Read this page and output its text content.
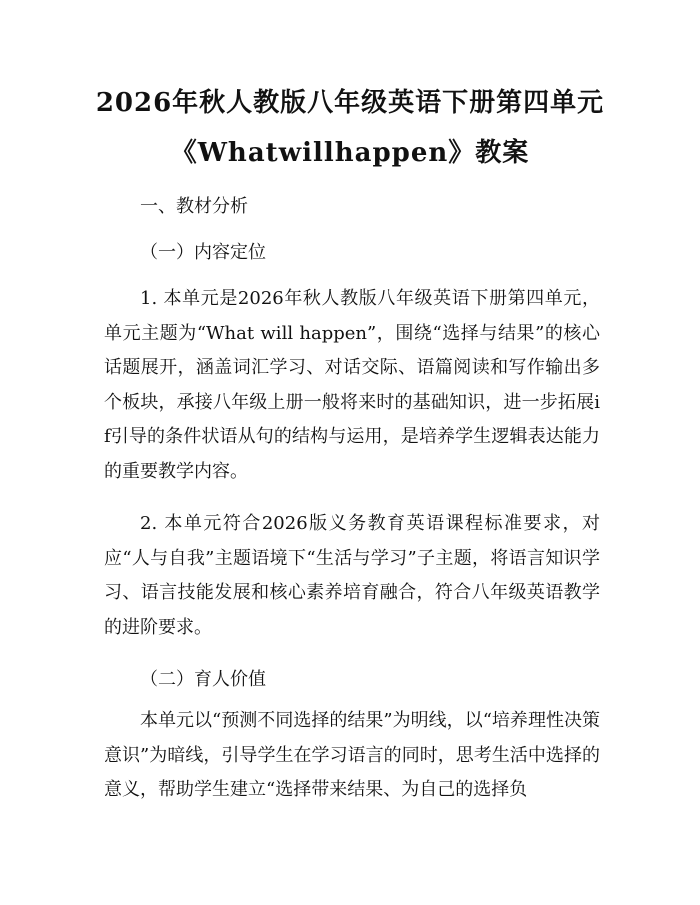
2026年秋人教版八年级英语下册第四单元
《Whatwillhappen》教案
一、教材分析
（一）内容定位

1. 本单元是2026年秋人教版八年级英语下册第四单元，单元主题为“What will happen”，围绕“选择与结果”的核心话题展开，涵盖词汇学习、对话交际、语篇阅读和写作输出多个板块，承接八年级上册一般将来时的基础知识，进一步拓展if引导的条件状语从句的结构与运用，是培养学生逻辑表达能力的重要教学内容。

2. 本单元符合2026版义务教育英语课程标准要求，对应“人与自我”主题语境下“生活与学习”子主题，将语言知识学习、语言技能发展和核心素养培育融合，符合八年级英语教学的进阶要求。

（二）育人价值

本单元以“预测不同选择的结果”为明线，以“培养理性决策意识”为暗线，引导学生在学习语言的同时，思考生活中选择的意义，帮助学生建立“选择带来结果、为自己的选择负
